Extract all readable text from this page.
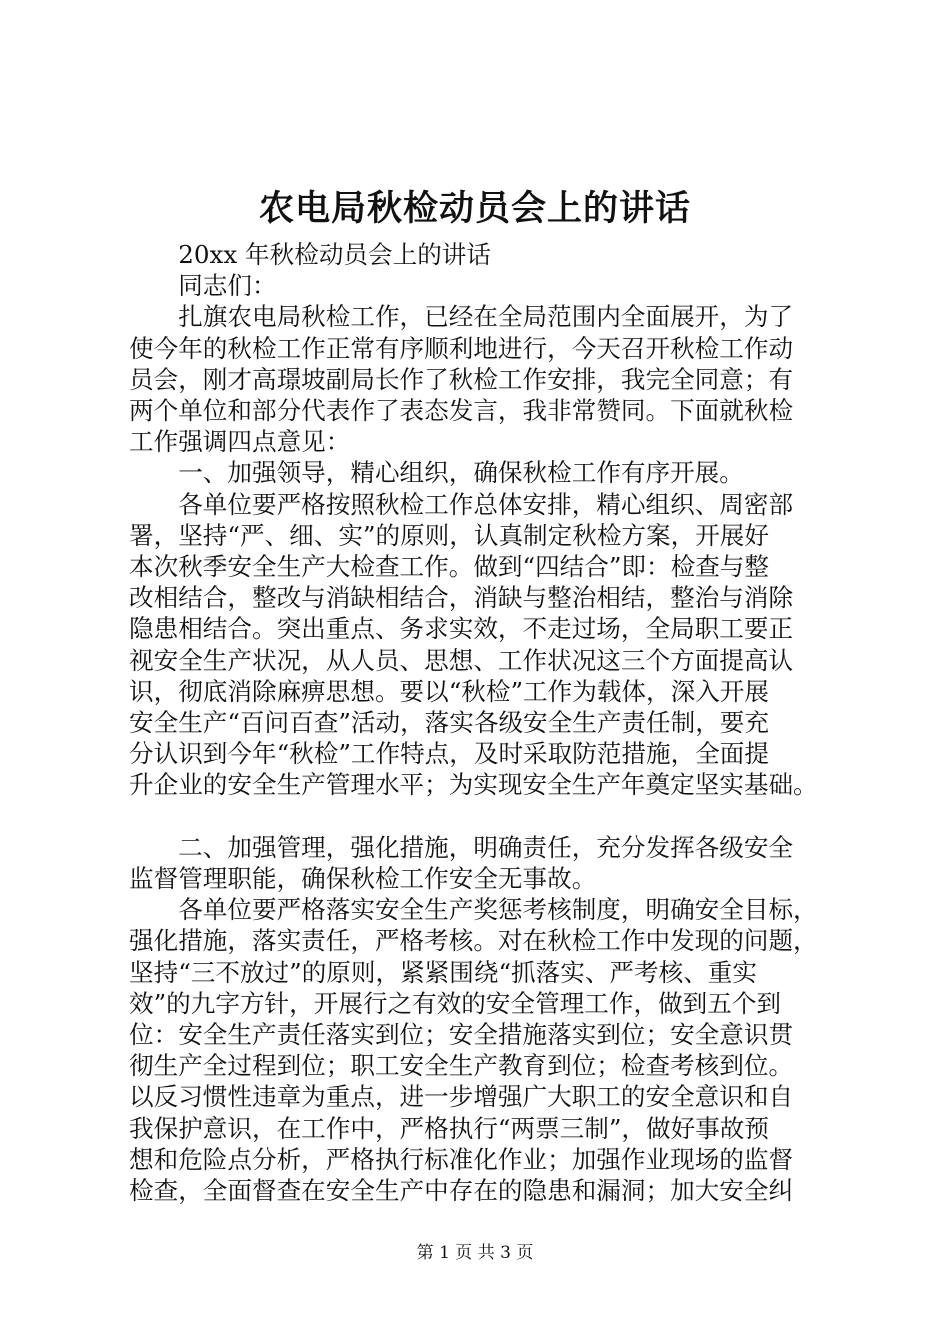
农电局秋检动员会上的讲话
20xx 年秋检动员会上的讲话
同志们：
扎旗农电局秋检工作，已经在全局范围内全面展开，为了
使今年的秋检工作正常有序顺利地进行，今天召开秋检工作动
员会，刚才高璟坡副局长作了秋检工作安排，我完全同意；有
两个单位和部分代表作了表态发言，我非常赞同。下面就秋检
工作强调四点意见：
一、加强领导，精心组织，确保秋检工作有序开展。
各单位要严格按照秋检工作总体安排，精心组织、周密部
署，坚持“严、细、实”的原则，认真制定秋检方案，开展好
本次秋季安全生产大检查工作。做到“四结合”即：检查与整
改相结合，整改与消缺相结合，消缺与整治相结，整治与消除
隐患相结合。突出重点、务求实效，不走过场，全局职工要正
视安全生产状况，从人员、思想、工作状况这三个方面提高认
识，彻底消除麻痹思想。要以“秋检”工作为载体，深入开展
安全生产“百问百查”活动，落实各级安全生产责任制，要充
分认识到今年“秋检”工作特点，及时采取防范措施，全面提
升企业的安全生产管理水平；为实现安全生产年奠定坚实基础。
二、加强管理，强化措施，明确责任，充分发挥各级安全
监督管理职能，确保秋检工作安全无事故。
各单位要严格落实安全生产奖惩考核制度，明确安全目标，
强化措施，落实责任，严格考核。对在秋检工作中发现的问题，
坚持“三不放过”的原则，紧紧围绕“抓落实、严考核、重实
效”的九字方针，开展行之有效的安全管理工作，做到五个到
位：安全生产责任落实到位；安全措施落实到位；安全意识贯
彻生产全过程到位；职工安全生产教育到位；检查考核到位。
以反习惯性违章为重点，进一步增强广大职工的安全意识和自
我保护意识，在工作中，严格执行“两票三制”，做好事故预
想和危险点分析，严格执行标准化作业；加强作业现场的监督
检查，全面督查在安全生产中存在的隐患和漏洞；加大安全纠
第 1 页 共 3 页
